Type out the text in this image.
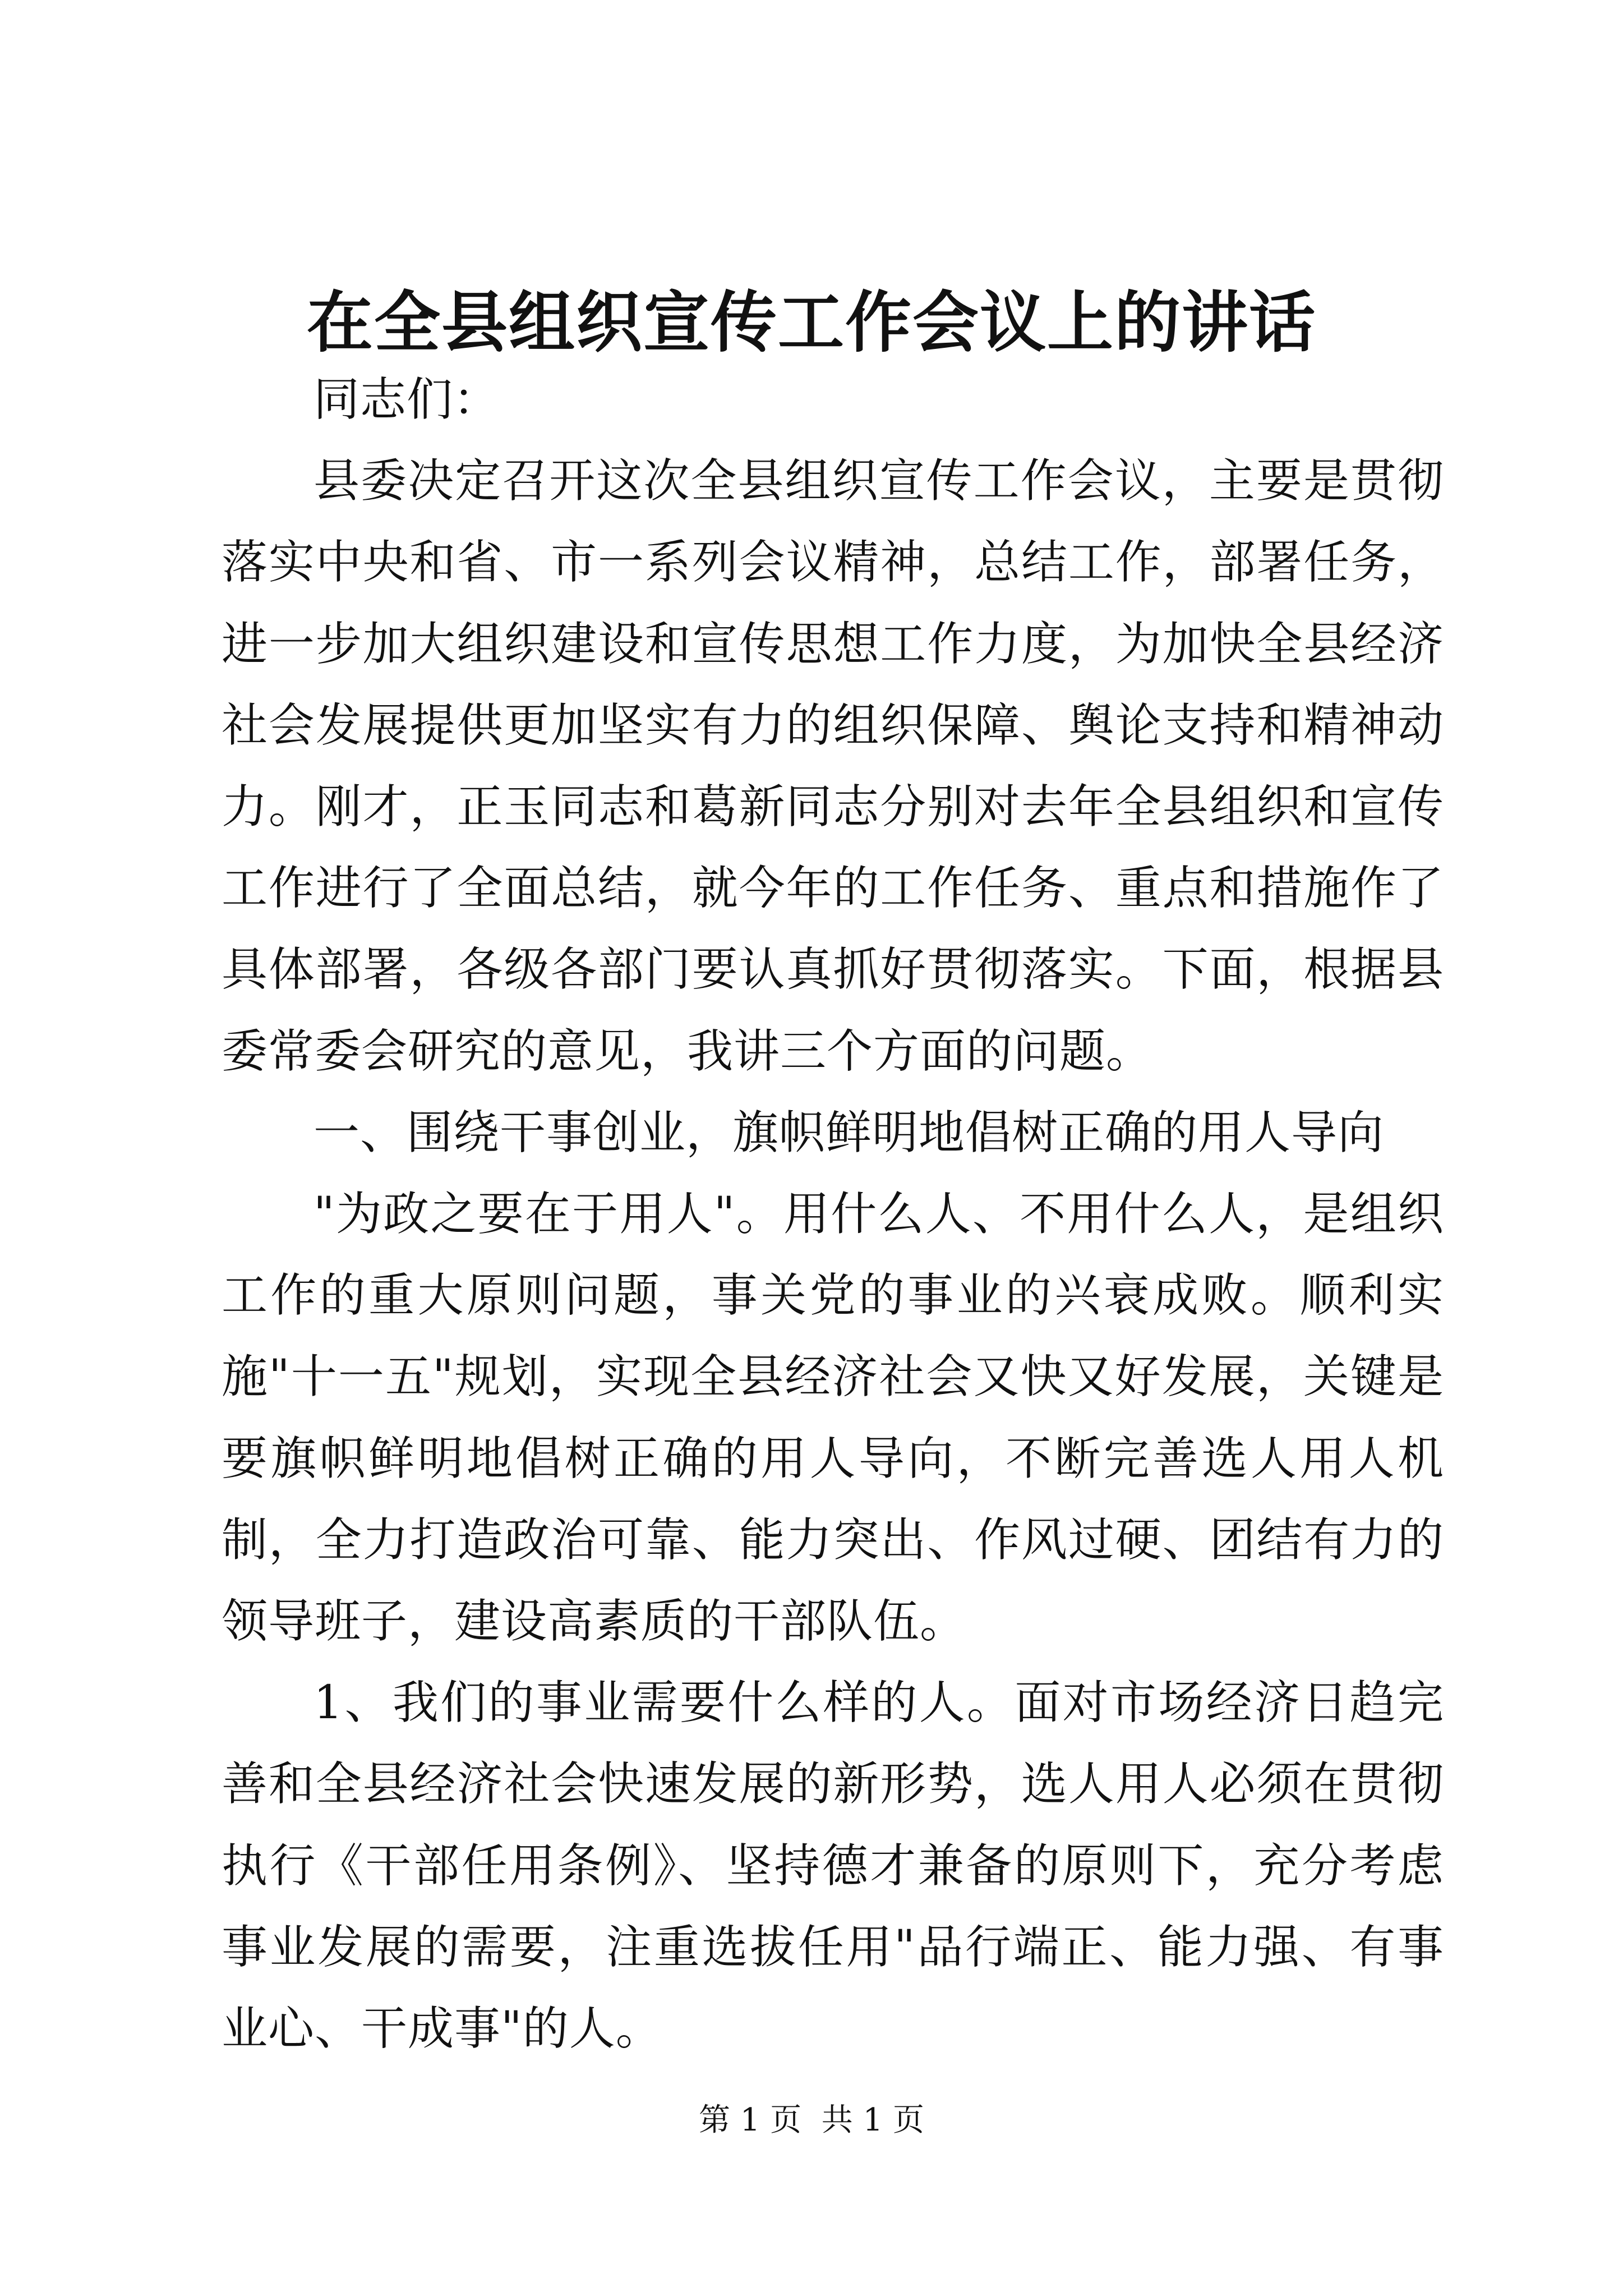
在全县组织宣传工作会议上的讲话

同志们：

县委决定召开这次全县组织宣传工作会议，主要是贯彻落实中央和省、市一系列会议精神，总结工作，部署任务，进一步加大组织建设和宣传思想工作力度，为加快全县经济社会发展提供更加坚实有力的组织保障、舆论支持和精神动力。刚才，正玉同志和葛新同志分别对去年全县组织和宣传工作进行了全面总结，就今年的工作任务、重点和措施作了具体部署，各级各部门要认真抓好贯彻落实。下面，根据县委常委会研究的意见，我讲三个方面的问题。

一、围绕干事创业，旗帜鲜明地倡树正确的用人导向

"为政之要在于用人"。用什么人、不用什么人，是组织工作的重大原则问题，事关党的事业的兴衰成败。顺利实施"十一五"规划，实现全县经济社会又快又好发展，关键是要旗帜鲜明地倡树正确的用人导向，不断完善选人用人机制，全力打造政治可靠、能力突出、作风过硬、团结有力的领导班子，建设高素质的干部队伍。

1、我们的事业需要什么样的人。面对市场经济日趋完善和全县经济社会快速发展的新形势，选人用人必须在贯彻执行《干部任用条例》、坚持德才兼备的原则下，充分考虑事业发展的需要，注重选拔任用"品行端正、能力强、有事业心、干成事"的人。

第 1 页  共 1 页
